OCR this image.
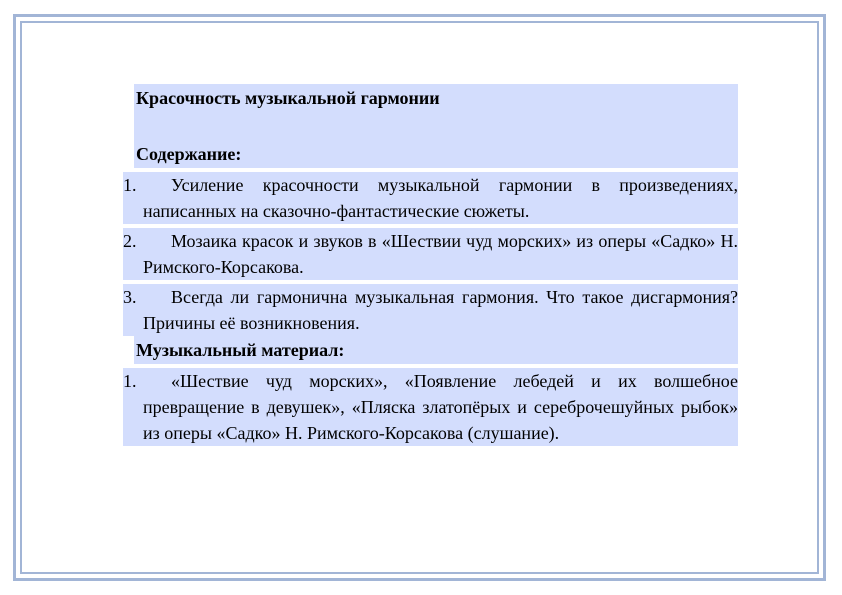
Красочность музыкальной гармонии
Содержание:
1.	Усиление красочности музыкальной гармонии в произведениях, написанных на сказочно-фантастические сюжеты.
2.	Мозаика красок и звуков в «Шествии чуд морских» из оперы «Садко» Н. Римского-Корсакова.
3.	Всегда ли гармонична музыкальная гармония. Что такое дисгармония? Причины её возникновения.
Музыкальный материал:
1.	«Шествие чуд морских», «Появление лебедей и их волшебное превращение в девушек», «Пляска златопёрых и сереброчешуйных рыбок» из оперы «Садко» Н. Римского-Корсакова (слушание).
